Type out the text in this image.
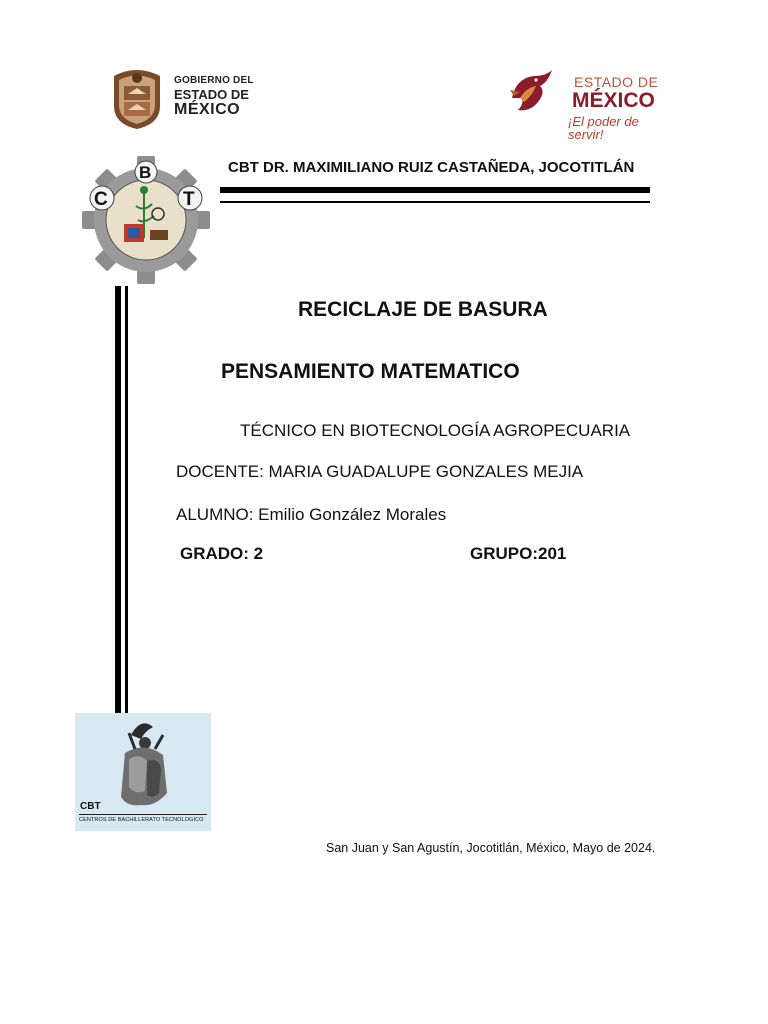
GOBIERNO DEL
ESTADO DE
MÉXICO
ESTADO DE
MÉXICO
¡El poder de servir!
B
C	T
CBT DR. MAXIMILIANO RUIZ CASTAÑEDA, JOCOTITLÁN
RECICLAJE DE BASURA
PENSAMIENTO MATEMATICO
TÉCNICO EN BIOTECNOLOGÍA AGROPECUARIA
DOCENTE: MARIA GUADALUPE GONZALES MEJIA
ALUMNO: Emilio González Morales
GRADO: 2	GRUPO:201
CBT
CENTROS DE BACHILLERATO TECNOLOGICO
San Juan y San Agustín, Jocotitlán, México, Mayo de 2024.
